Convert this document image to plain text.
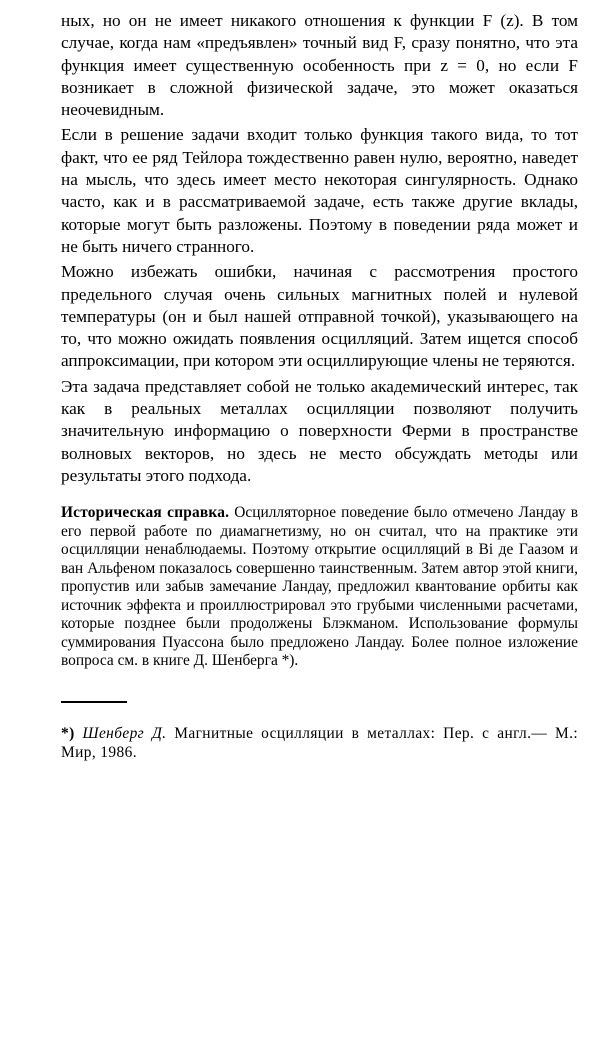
ных, но он не имеет никакого отношения к функции F (z). В том случае, когда нам «предъявлен» точный вид F, сразу понятно, что эта функция имеет существенную особенность при z = 0, но если F возникает в сложной физической задаче, это может оказаться неочевидным.

Если в решение задачи входит только функция такого вида, то тот факт, что ее ряд Тейлора тождественно равен нулю, вероятно, наведет на мысль, что здесь имеет место некоторая сингулярность. Однако часто, как и в рассматриваемой задаче, есть также другие вклады, которые могут быть разложены. Поэтому в поведении ряда может и не быть ничего странного.

Можно избежать ошибки, начиная с рассмотрения простого предельного случая очень сильных магнитных полей и нулевой температуры (он и был нашей отправной точкой), указывающего на то, что можно ожидать появления осцилляций. Затем ищется способ аппроксимации, при котором эти осциллирующие члены не теряются.

Эта задача представляет собой не только академический интерес, так как в реальных металлах осцилляции позволяют получить значительную информацию о поверхности Ферми в пространстве волновых векторов, но здесь не место обсуждать методы или результаты этого подхода.

Историческая справка. Осцилляторное поведение было отмечено Ландау в его первой работе по диамагнетизму, но он считал, что на практике эти осцилляции ненаблюдаемы. Поэтому открытие осцилляций в Bi де Гаазом и ван Альфеном показалось совершенно таинственным. Затем автор этой книги, пропустив или забыв замечание Ландау, предложил квантование орбиты как источник эффекта и проиллюстрировал это грубыми численными расчетами, которые позднее были продолжены Блэкманом. Использование формулы суммирования Пуассона было предложено Ландау. Более полное изложение вопроса см. в книге Д. Шенберга *).
*) Шенберг Д. Магнитные осцилляции в металлах: Пер. с англ.— М.: Мир, 1986.
